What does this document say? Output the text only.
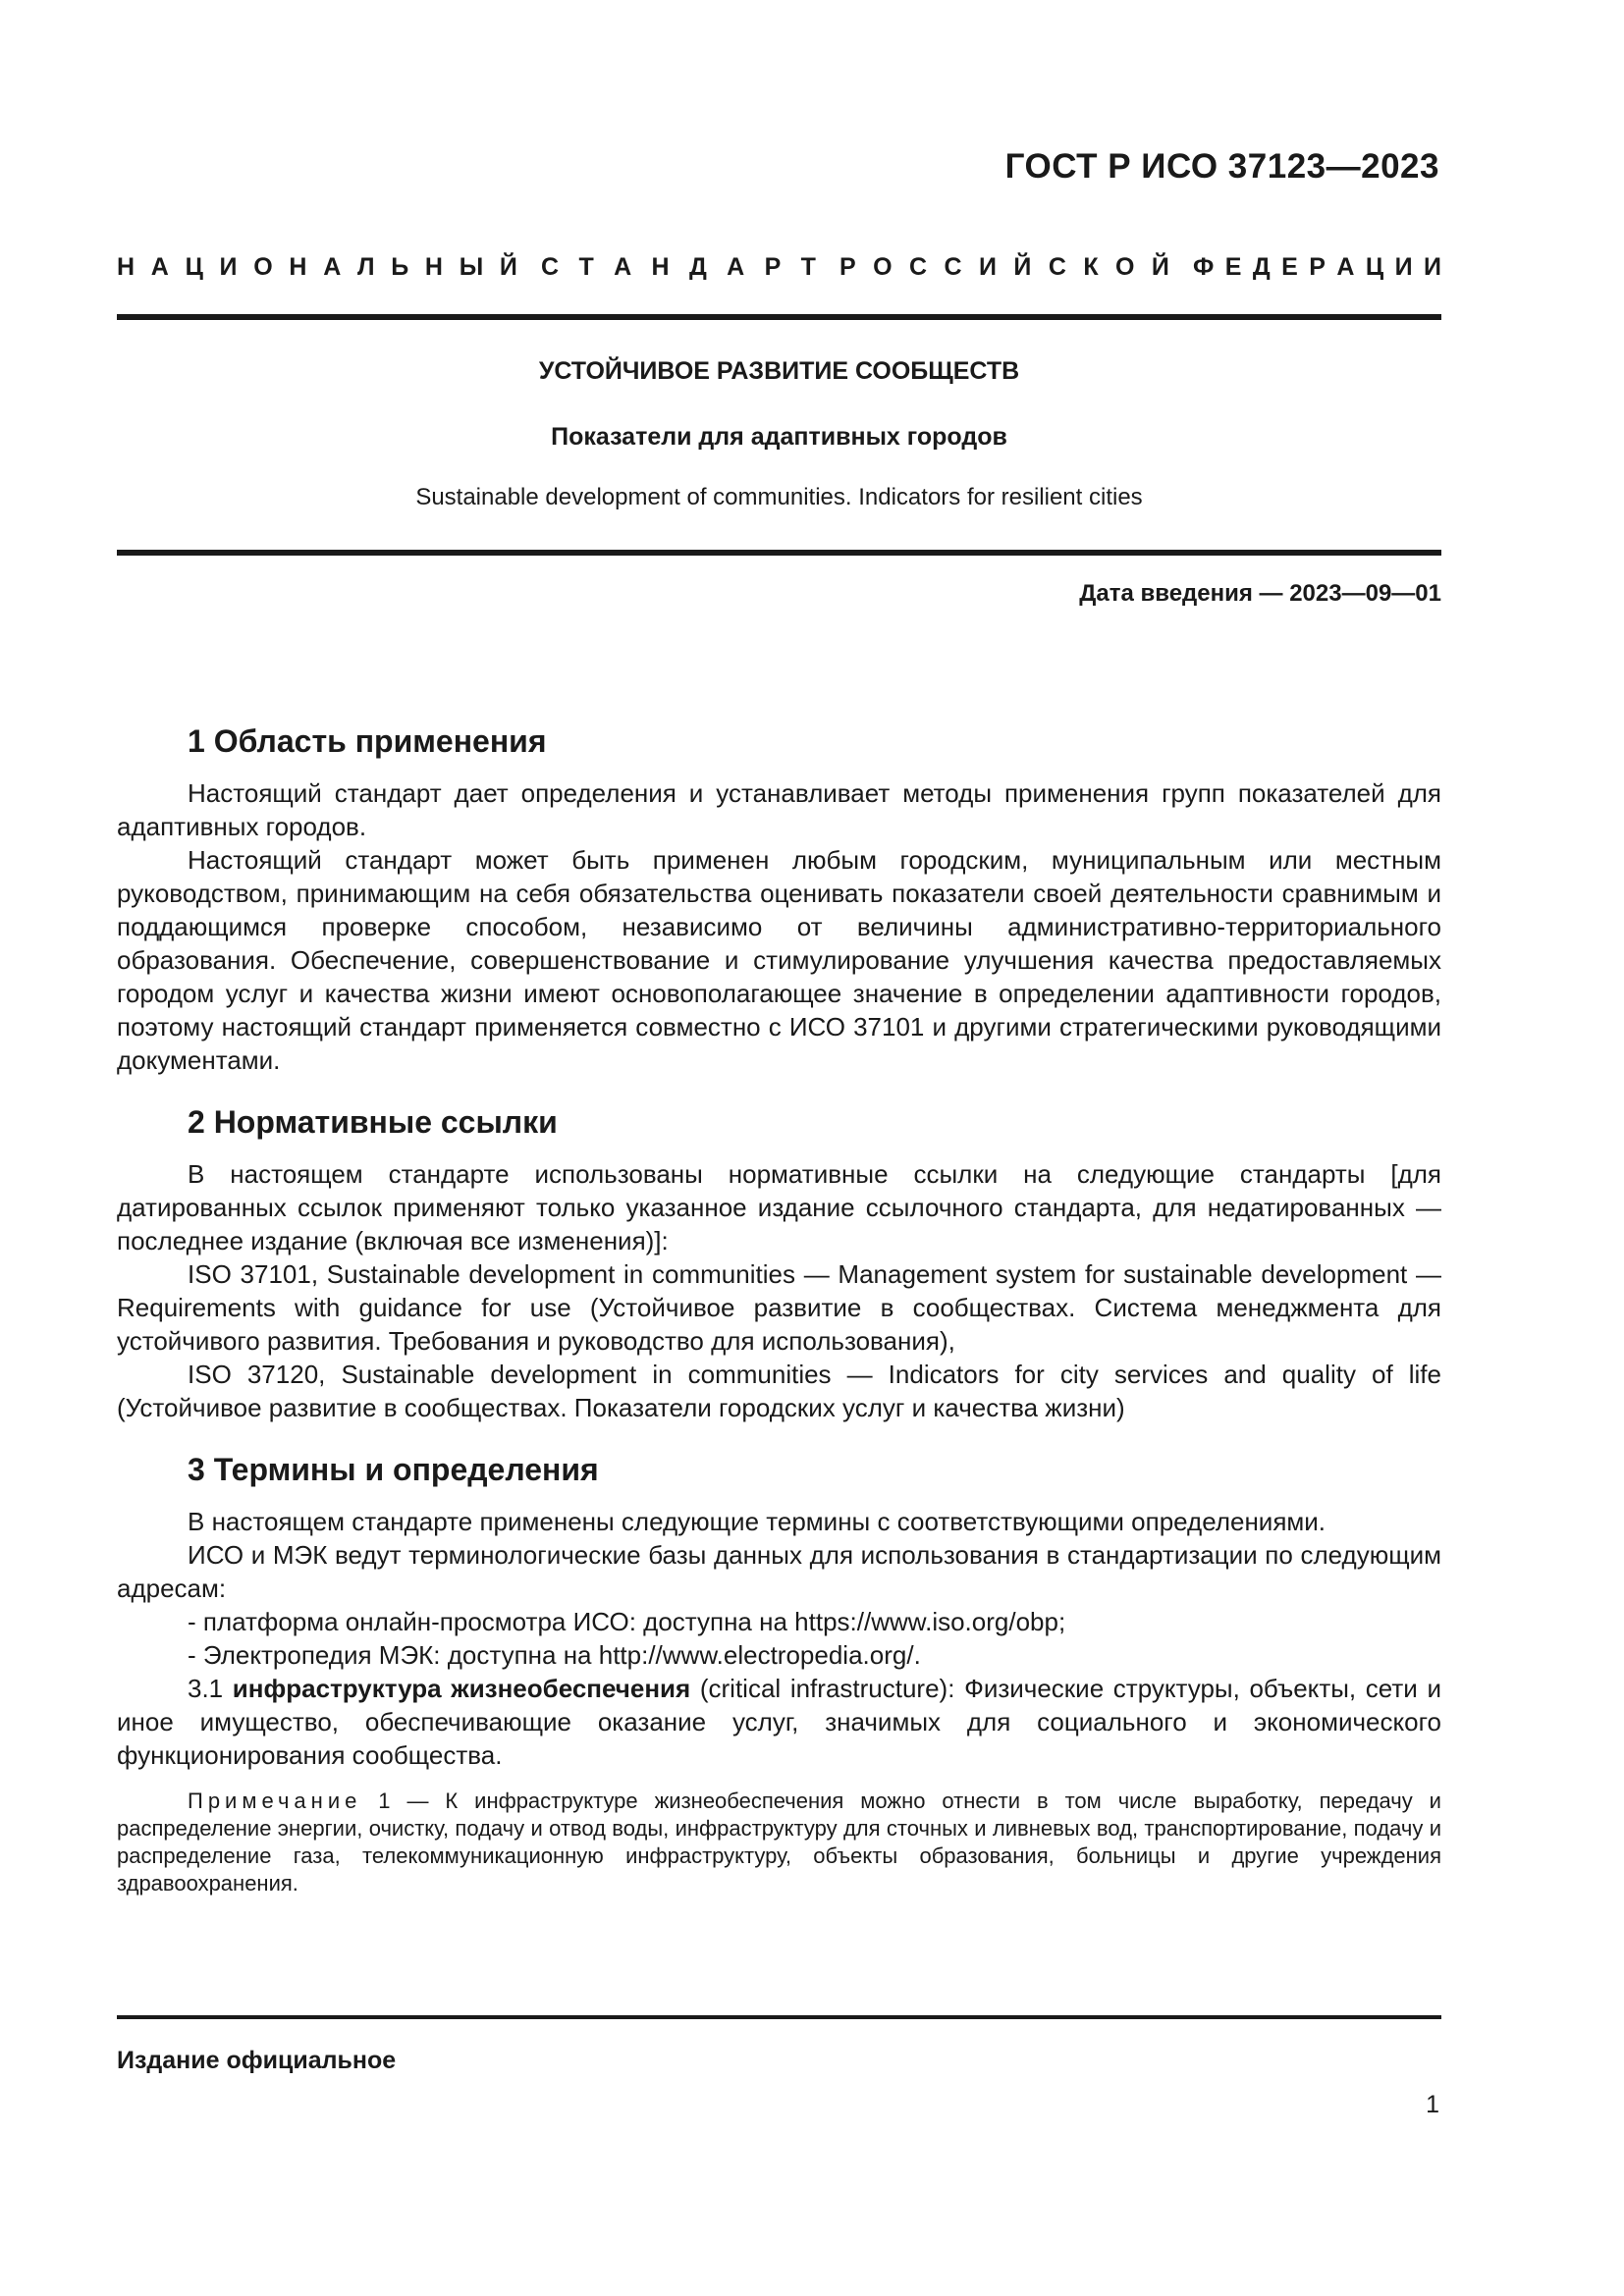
ГОСТ Р ИСО 37123—2023
Н А Ц И О Н А Л Ь Н Ы Й С Т А Н Д А Р Т Р О С С И Й С К О Й Ф Е Д Е Р А Ц И И
УСТОЙЧИВОЕ РАЗВИТИЕ СООБЩЕСТВ
Показатели для адаптивных городов
Sustainable development of communities. Indicators for resilient cities
Дата введения — 2023—09—01
1 Область применения

Настоящий стандарт дает определения и устанавливает методы применения групп показателей для адаптивных городов.

Настоящий стандарт может быть применен любым городским, муниципальным или местным руководством, принимающим на себя обязательства оценивать показатели своей деятельности сравнимым и поддающимся проверке способом, независимо от величины административно-территориального образования. Обеспечение, совершенствование и стимулирование улучшения качества предоставляемых городом услуг и качества жизни имеют основополагающее значение в определении адаптивности городов, поэтому настоящий стандарт применяется совместно с ИСО 37101 и другими стратегическими руководящими документами.

2 Нормативные ссылки

В настоящем стандарте использованы нормативные ссылки на следующие стандарты [для датированных ссылок применяют только указанное издание ссылочного стандарта, для недатированных — последнее издание (включая все изменения)]:

ISO 37101, Sustainable development in communities — Management system for sustainable development — Requirements with guidance for use (Устойчивое развитие в сообществах. Система менеджмента для устойчивого развития. Требования и руководство для использования),

ISO 37120, Sustainable development in communities — Indicators for city services and quality of life (Устойчивое развитие в сообществах. Показатели городских услуг и качества жизни)

3 Термины и определения

В настоящем стандарте применены следующие термины с соответствующими определениями.

ИСО и МЭК ведут терминологические базы данных для использования в стандартизации по следующим адресам:

- платформа онлайн-просмотра ИСО: доступна на https://www.iso.org/obp;

- Электропедия МЭК: доступна на http://www.electropedia.org/.

3.1 инфраструктура жизнеобеспечения (critical infrastructure): Физические структуры, объекты, сети и иное имущество, обеспечивающие оказание услуг, значимых для социального и экономического функционирования сообщества.

Примечание 1 — К инфраструктуре жизнеобеспечения можно отнести в том числе выработку, передачу и распределение энергии, очистку, подачу и отвод воды, инфраструктуру для сточных и ливневых вод, транспортирование, подачу и распределение газа, телекоммуникационную инфраструктуру, объекты образования, больницы и другие учреждения здравоохранения.

Издание официальное
1
